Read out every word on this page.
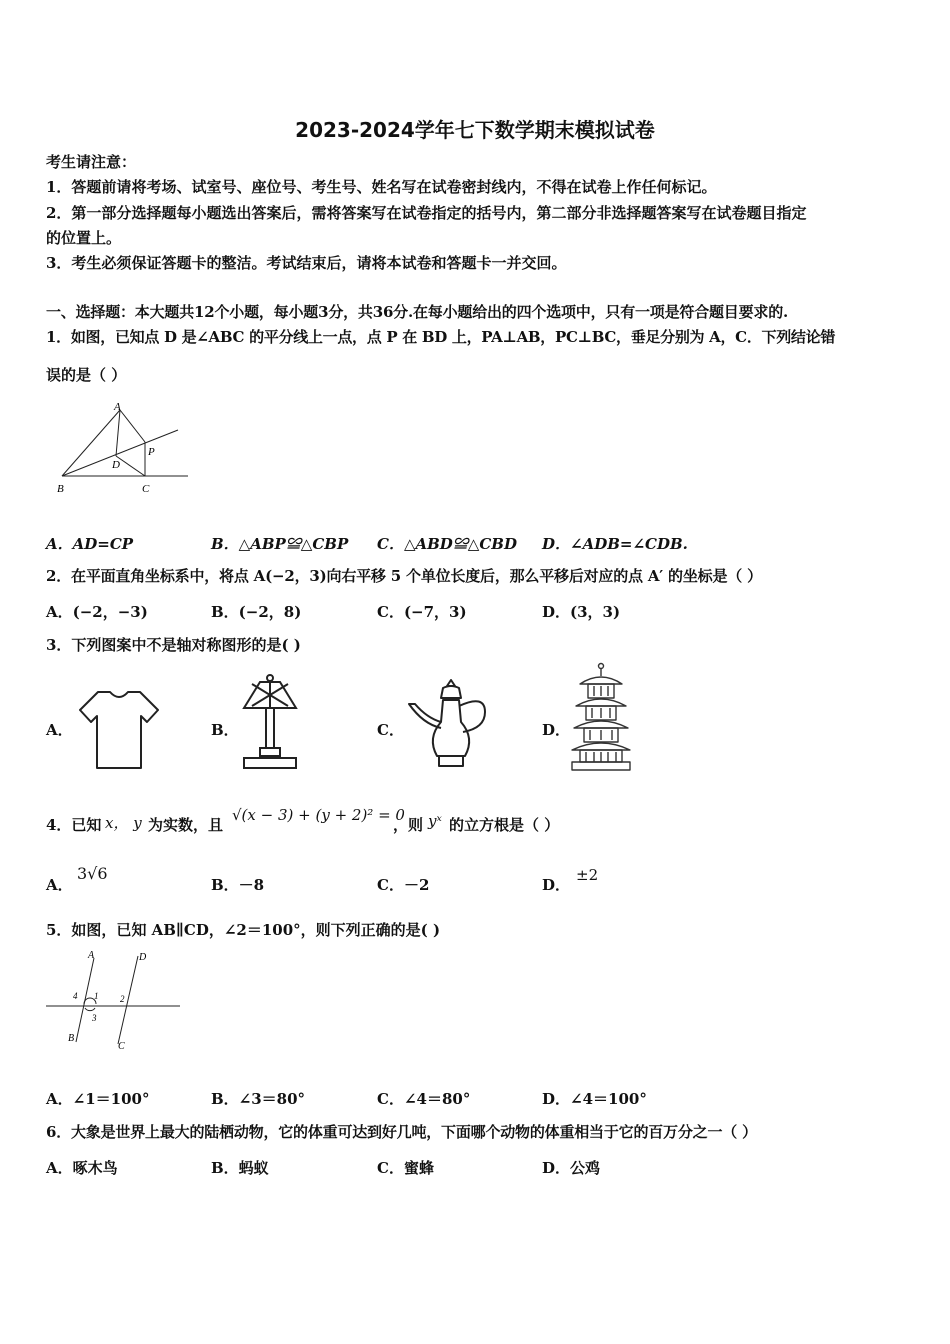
2023-2024学年七下数学期末模拟试卷
考生请注意：
1．答题前请将考场、试室号、座位号、考生号、姓名写在试卷密封线内，不得在试卷上作任何标记。
2．第一部分选择题每小题选出答案后，需将答案写在试卷指定的括号内，第二部分非选择题答案写在试卷题目指定
的位置上。
3．考生必须保证答题卡的整洁。考试结束后，请将本试卷和答题卡一并交回。
一、选择题：本大题共12个小题，每小题3分，共36分.在每小题给出的四个选项中，只有一项是符合题目要求的.
1．如图，已知点 D 是∠ABC 的平分线上一点，点 P 在 BD 上，PA⊥AB，PC⊥BC，垂足分别为 A，C．下列结论错
误的是（ ）
A
B	C
D
P
A．AD=CP	B．△ABP≌△CBP C．△ABD≌△CBD D．∠ADB=∠CDB.
2．在平面直角坐标系中，将点 A(−2，3)向右平移 5 个单位长度后，那么平移后对应的点 A′ 的坐标是（ ）
A．(−2，−3)	B．(−2，8)	C．(−7，3)	D．(3，3)
3．下列图案中不是轴对称图形的是( )
A．	B．	C．	D．
4．已知 x， y 为实数，且
√(x − 3) + (y + 2)² = 0
，则 yˣ 的立方根是（ ）
A．
3√6
B．－8	C．－2	D．
±2
5．如图，已知 AB∥CD，∠2＝100°，则下列正确的是( )
A	D
4 1 2
3
B
C
A．∠1＝100°	B．∠3＝80°	C．∠4＝80°	D．∠4＝100°
6．大象是世界上最大的陆栖动物，它的体重可达到好几吨，下面哪个动物的体重相当于它的百万分之一（ ）
A．啄木鸟	B．蚂蚁	C．蜜蜂	D．公鸡
